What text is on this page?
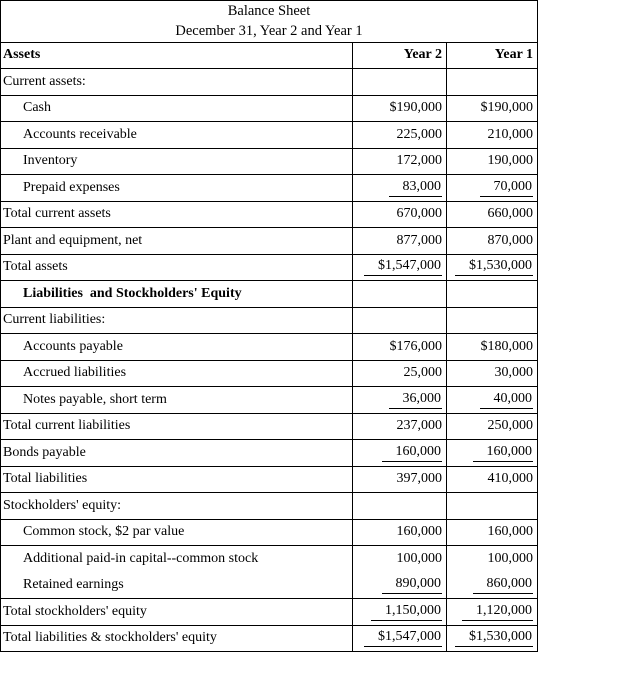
Balance Sheet
December 31, Year 2 and Year 1		

Assets	Year 2	Year 1
Current assets:		
Cash	$190,000	$190,000
Accounts receivable	225,000	210,000
Inventory	172,000	190,000
Prepaid expenses	83,000	70,000
Total current assets	670,000	660,000
Plant and equipment, net	877,000	870,000
Total assets	$1,547,000	$1,530,000
Liabilities  and Stockholders' Equity		
Current liabilities:		
Accounts payable	$176,000	$180,000
Accrued liabilities	25,000	30,000
Notes payable, short term	36,000	40,000
Total current liabilities	237,000	250,000
Bonds payable	160,000	160,000
Total liabilities	397,000	410,000
Stockholders' equity:		
Common stock, $2 par value	160,000	160,000
Additional paid-in capital--common stock	100,000	100,000
Retained earnings	890,000	860,000
Total stockholders' equity	1,150,000	1,120,000
Total liabilities & stockholders' equity	$1,547,000	$1,530,000
